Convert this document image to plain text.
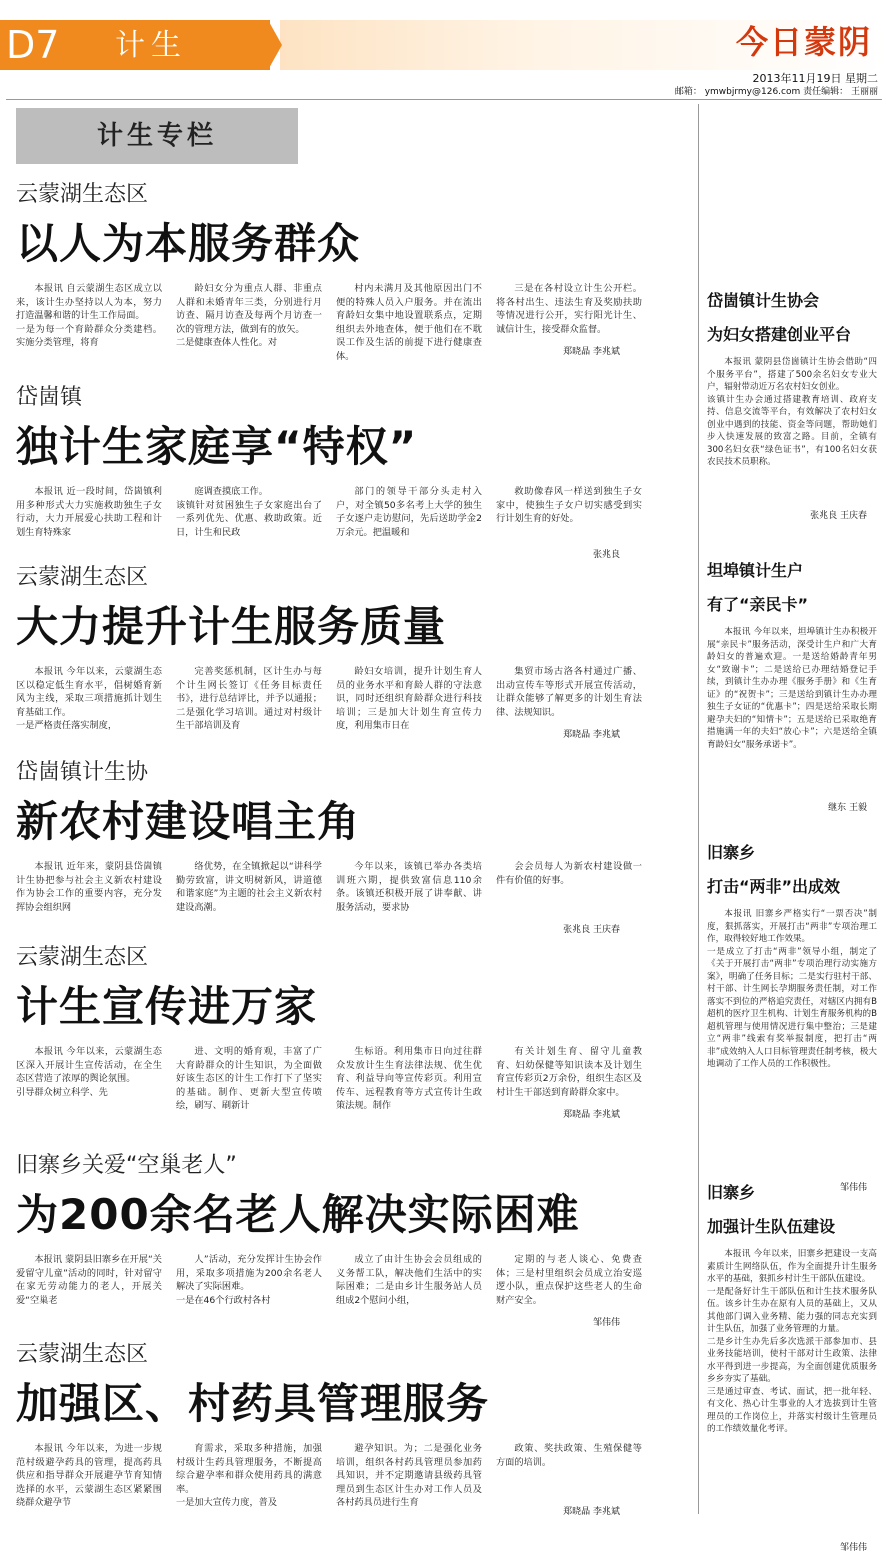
D7 计生	今日蒙阴
2013年11月19日 星期二
邮箱： ymwbjrmy@126.com 责任编辑： 王丽丽
计生专栏
云蒙湖生态区
以人为本服务群众
本报讯 自云蒙湖生态区成立以来，该计生办坚持以人为本，努力打造温馨和谐的计生工作局面。
一是为每一个育龄群众分类建档。实施分类管理，将育
龄妇女分为重点人群、非重点人群和未婚青年三类，分别进行月访查、隔月访查及每两个月访查一次的管理方法，做到有的放矢。
二是健康查体人性化。对
村内未满月及其他原因出门不便的特殊人员入户服务。并在流出育龄妇女集中地设置联系点，定期组织去外地查体，便于他们在不耽误工作及生活的前提下进行健康查体。
三是在各村设立计生公开栏。将各村出生、违法生育及奖励扶助等情况进行公开，实行阳光计生、诚信计生，接受群众监督。
郑晓晶 李兆斌
岱崮镇
独计生家庭享“特权”
本报讯 近一段时间，岱崮镇利用多种形式大力实施救助独生子女行动，大力开展爱心扶助工程和计划生育特殊家
庭调查摸底工作。
该镇针对贫困独生子女家庭出台了一系列优先、优惠、救助政策。近日，计生和民政
部门的领导干部分头走村入户，对全镇50多名考上大学的独生子女逐户走访慰问，先后送助学金2万余元。把温暖和
救助像春风一样送到独生子女家中，使独生子女户切实感受到实行计划生育的好处。
张兆良
云蒙湖生态区
大力提升计生服务质量
本报讯 今年以来，云蒙湖生态区以稳定低生育水平，倡树婚育新风为主线，采取三项措施抓计划生育基础工作。
一是严格责任落实制度，
完善奖惩机制，区计生办与每个计生网长签订《任务目标责任书》，进行总结评比，并予以通报；二是强化学习培训。通过对村级计生干部培训及育
龄妇女培训，提升计划生育人员的业务水平和育龄人群的守法意识，同时还组织育龄群众进行科技培训；三是加大计划生育宣传力度，利用集市日在
集贸市场古洛各村通过广播、出动宣传车等形式开展宣传活动，让群众能够了解更多的计划生育法律、法规知识。
郑晓晶 李兆斌
岱崮镇计生协
新农村建设唱主角
本报讯 近年来，蒙阴县岱崮镇计生协把参与社会主义新农村建设作为协会工作的重要内容，充分发挥协会组织网
络优势，在全镇掀起以“讲科学勤劳致富，讲文明树新风，讲道德和谐家庭”为主题的社会主义新农村建设高潮。
今年以来，该镇已举办各类培训班六期，提供致富信息110余条。该镇还积极开展了讲奉献、讲服务活动，要求协
会会员每人为新农村建设做一件有价值的好事。
张兆良 王庆春
云蒙湖生态区
计生宣传进万家
本报讯 今年以来，云蒙湖生态区深入开展计生宣传活动，在全生态区营造了浓厚的舆论氛围。
引导群众树立科学、先
进、文明的婚育观，丰富了广大育龄群众的计生知识，为全面做好该生态区的计生工作打下了坚实的基础。制作、更新大型宣传喷绘，刷写、刷新计
生标语。利用集市日向过往群众发放计生生育法律法规、优生优育、利益导向等宣传彩页。利用宣传车、远程教育等方式宣传计生政策法规。制作
有关计划生育、留守儿童教育、妇幼保健等知识读本及计划生育宣传彩页2万余份，组织生态区及村计生干部送到育龄群众家中。
郑晓晶 李兆斌
旧寨乡关爱“空巢老人”
为200余名老人解决实际困难
本报讯 蒙阴县旧寨乡在开展“关爱留守儿童”活动的同时，针对留守在家无劳动能力的老人，开展关爱“空巢老
人”活动，充分发挥计生协会作用，采取多项措施为200余名老人解决了实际困难。
一是在46个行政村各村
成立了由计生协会会员组成的义务帮工队，解决他们生活中的实际困难；二是由乡计生服务站人员组成2个慰问小组，
定期的与老人谈心、免费查体；三是村里组织会员成立治安巡逻小队，重点保护这些老人的生命财产安全。
邹伟伟
云蒙湖生态区
加强区、村药具管理服务
本报讯 今年以来，为进一步规范村级避孕药具的管理，提高药具供应和指导群众开展避孕节育知情选择的水平，云蒙湖生态区紧紧围绕群众避孕节
育需求，采取多种措施，加强村级计生药具管理服务，不断提高综合避孕率和群众使用药具的满意率。
一是加大宣传力度，普及
避孕知识。为；二是强化业务培训，组织各村药具管理员参加药具知识，并不定期邀请县级药具管理员到生态区计生办对工作人员及各村药具员进行生育
政策、奖扶政策、生殖保健等方面的培训。
郑晓晶 李兆斌
岱崮镇计生协会
为妇女搭建创业平台
本报讯 蒙阴县岱崮镇计生协会借助“四个服务平台”，搭建了500余名妇女专业大户，辐射带动近万名农村妇女创业。
该镇计生办会通过搭建教育培训、政府支持、信息交流等平台，有效解决了农村妇女创业中遇到的技能、资金等问题，帮助她们步入快速发展的致富之路。目前，全镇有300名妇女获“绿色证书”，有100名妇女获农民技术员职称。
张兆良 王庆春
坦埠镇计生户
有了“亲民卡”
本报讯 今年以来，坦埠镇计生办积极开展“亲民卡”服务活动，深受计生户和广大育龄妇女的普遍欢迎。一是送给婚龄青年男女“致谢卡”；二是送给已办理结婚登记手续，到镇计生办办理《服务手册》和《生育证》的“祝贺卡”；三是送给到镇计生办办理独生子女证的“优惠卡”；四是送给采取长期避孕夫妇的“知情卡”；五是送给已采取绝育措施满一年的夫妇“放心卡”；六是送给全镇育龄妇女“服务承诺卡”。
继东 王毅
旧寨乡
打击“两非”出成效
本报讯 旧寨乡严格实行“一票否决”制度，狠抓落实，开展打击“两非”专项治理工作，取得较好地工作效果。
一是成立了打击“两非”领导小组，制定了《关于开展打击“两非”专项治理行动实施方案》，明确了任务目标；二是实行驻村干部、村干部、计生网长孕期服务责任制，对工作落实不到位的严格追究责任，对辖区内拥有B超机的医疗卫生机构、计划生育服务机构的B超机管理与使用情况进行集中整治；三是建立“两非”线索有奖举报制度，把打击“两非”成效纳入人口目标管理责任制考核，极大地调动了工作人员的工作积极性。
邹伟伟
旧寨乡
加强计生队伍建设
本报讯 今年以来，旧寨乡把建设一支高素质计生网络队伍，作为全面提升计生服务水平的基础，狠抓乡村计生干部队伍建设。
一是配备好计生干部队伍和计生技术服务队伍。该乡计生办在原有人员的基础上，又从其他部门调入业务精、能力强的同志充实到计生队伍，加强了业务管理的力量。
二是乡计生办先后多次选派干部参加市、县业务技能培训，使村干部对计生政策、法律水平得到进一步提高，为全面创建优质服务乡乡夯实了基础。
三是通过审查、考试、面试，把一批年轻、有文化、热心计生事业的人才选拔到计生管理员的工作岗位上，并落实村级计生管理员的工作绩效量化考评。
邹伟伟
